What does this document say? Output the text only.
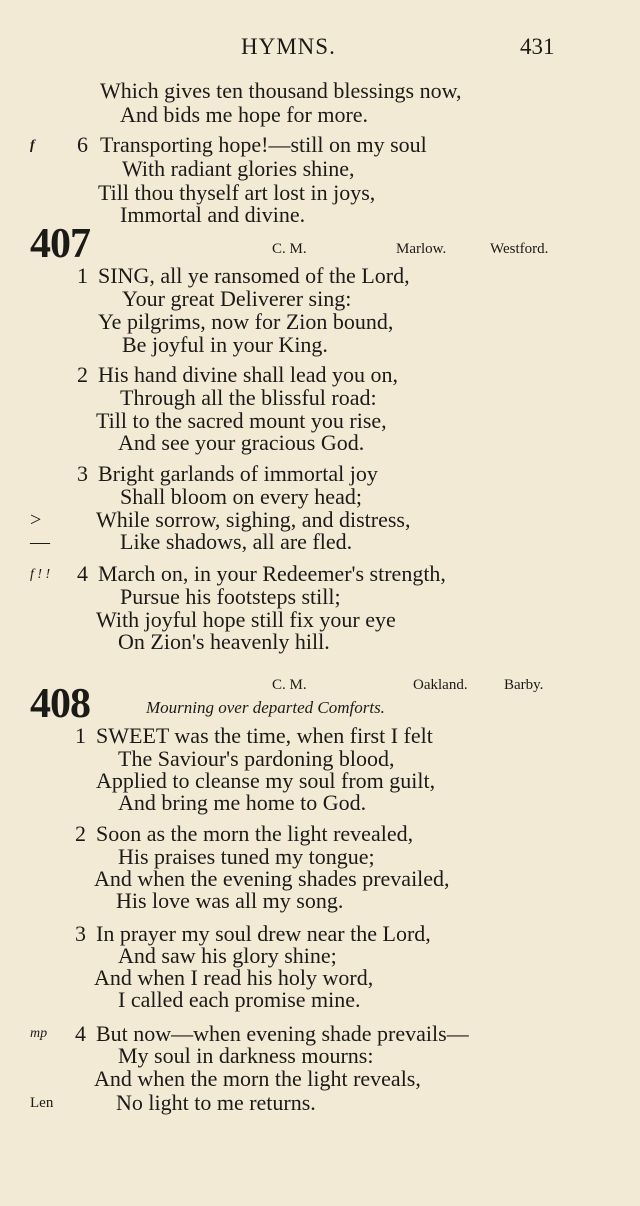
HYMNS.	431
Which gives ten thousand blessings now,
And bids me hope for more.
f 6 Transporting hope!—still on my soul
With radiant glories shine,
Till thou thyself art lost in joys,
Immortal and divine.
407	C. M.	Marlow.	Westford.
1 SING, all ye ransomed of the Lord,
Your great Deliverer sing:
Ye pilgrims, now for Zion bound,
Be joyful in your King.
2 His hand divine shall lead you on,
Through all the blissful road:
Till to the sacred mount you rise,
And see your gracious God.
3 Bright garlands of immortal joy
Shall bloom on every head;
> While sorrow, sighing, and distress,
—	Like shadows, all are fled.
f ! ! 4 March on, in your Redeemer's strength,
Pursue his footsteps still;
With joyful hope still fix your eye
On Zion's heavenly hill.
C. M.	Oakland. Barby.
408	Mourning over departed Comforts.
1 SWEET was the time, when first I felt
The Saviour's pardoning blood,
Applied to cleanse my soul from guilt,
And bring me home to God.
2 Soon as the morn the light revealed,
His praises tuned my tongue;
And when the evening shades prevailed,
His love was all my song.
3 In prayer my soul drew near the Lord,
And saw his glory shine;
And when I read his holy word,
I called each promise mine.
mp 4 But now—when evening shade prevails—
My soul in darkness mourns:
And when the morn the light reveals,
Len	No light to me returns.
